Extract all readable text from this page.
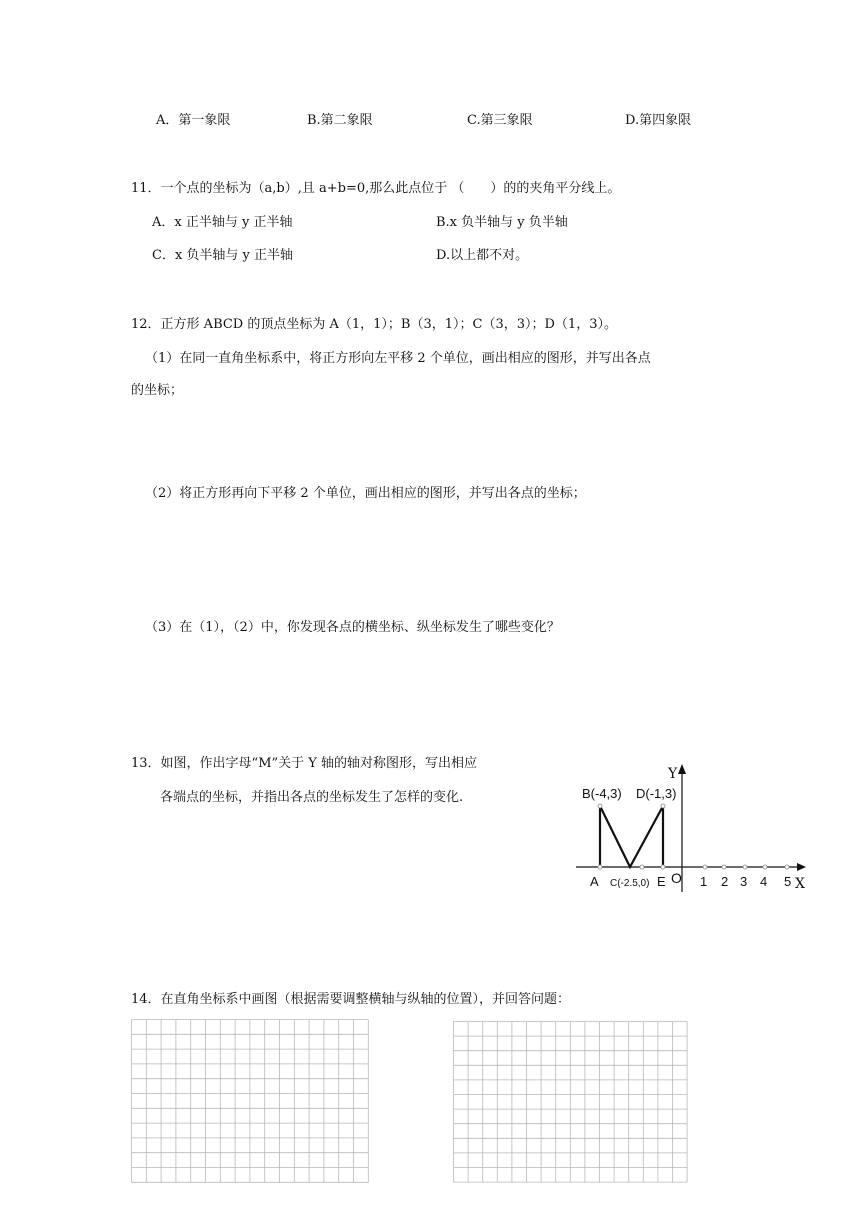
A．第一象限	B.第二象限	C.第三象限	D.第四象限
11．一个点的坐标为（a,b）,且 a+b=0,那么此点位于 （　　）的的夹角平分线上。
A．x 正半轴与 y 正半轴	B.x 负半轴与 y 负半轴
C．x 负半轴与 y 正半轴	D.以上都不对。
12．正方形 ABCD 的顶点坐标为 A（1，1）；B（3，1）；C（3，3）；D（1，3）。
（1）在同一直角坐标系中，将正方形向左平移 2 个单位，画出相应的图形，并写出各点
的坐标；
（2）将正方形再向下平移 2 个单位，画出相应的图形，并写出各点的坐标；
（3）在（1），（2）中，你发现各点的横坐标、纵坐标发生了哪些变化？
13．如图，作出字母“M”关于 Y 轴的轴对称图形，写出相应
各端点的坐标，并指出各点的坐标发生了怎样的变化.
Y
X
O
B(-4,3) D(-1,3)
A C(-2.5,0) E	1 2 3 4 5
14．在直角坐标系中画图（根据需要调整横轴与纵轴的位置），并回答问题：
